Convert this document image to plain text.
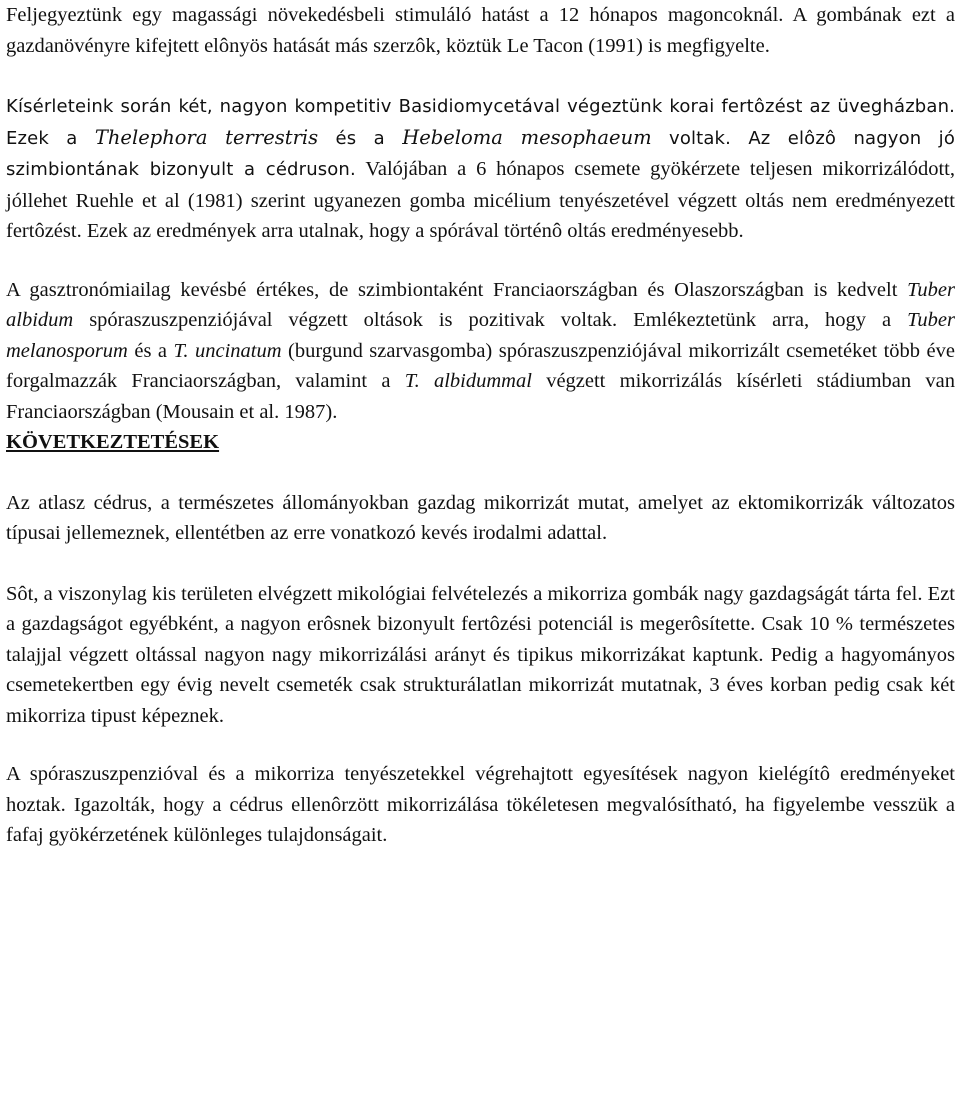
Feljegyeztünk egy magassági növekedésbeli stimuláló hatást a 12 hónapos magoncoknál. A gombának ezt a gazdanövényre kifejtett elônyös hatását más szerzôk, köztük Le Tacon (1991) is megfigyelte.

Kísérleteink során két, nagyon kompetitiv Basidiomycetával végeztünk korai fertôzést az üvegházban. Ezek a Thelephora terrestris és a Hebeloma mesophaeum voltak. Az elôzô nagyon jó szimbiontának bizonyult a cédruson. Valójában a 6 hónapos csemete gyökérzete teljesen mikorrizálódott, jóllehet Ruehle et al (1981) szerint ugyanezen gomba micélium tenyészetével végzett oltás nem eredményezett fertôzést. Ezek az eredmények arra utalnak, hogy a spórával történô oltás eredményesebb.

A gasztronómiailag kevésbé értékes, de szimbiontaként Franciaországban és Olaszországban is kedvelt Tuber albidum spóraszuszpenziójával végzett oltások is pozitivak voltak. Emlékeztetünk arra, hogy a Tuber melanosporum és a T. uncinatum (burgund szarvasgomba) spóraszuszpenziójával mikorrizált csemetéket több éve forgalmazzák Franciaországban, valamint a T. albidummal végzett mikorrizálás kísérleti stádiumban van Franciaországban (Mousain et al. 1987).

KÖVETKEZTETÉSEK

Az atlasz cédrus, a természetes állományokban gazdag mikorrizát mutat, amelyet az ektomikorrizák változatos típusai jellemeznek, ellentétben az erre vonatkozó kevés irodalmi adattal.

Sôt, a viszonylag kis területen elvégzett mikológiai felvételezés a mikorriza gombák nagy gazdagságát tárta fel. Ezt a gazdagságot egyébként, a nagyon erôsnek bizonyult fertôzési potenciál is megerôsítette. Csak 10 % természetes talajjal végzett oltással nagyon nagy mikorrizálási arányt és tipikus mikorrizákat kaptunk. Pedig a hagyományos csemetekertben egy évig nevelt csemeték csak strukturálatlan mikorrizát mutatnak, 3 éves korban pedig csak két mikorriza tipust képeznek.

A spóraszuszpenzióval és a mikorriza tenyészetekkel végrehajtott egyesítések nagyon kielégítô eredményeket hoztak. Igazolták, hogy a cédrus ellenôrzött mikorrizálása tökéletesen megvalósítható, ha figyelembe vesszük a fafaj gyökérzetének különleges tulajdonságait.
